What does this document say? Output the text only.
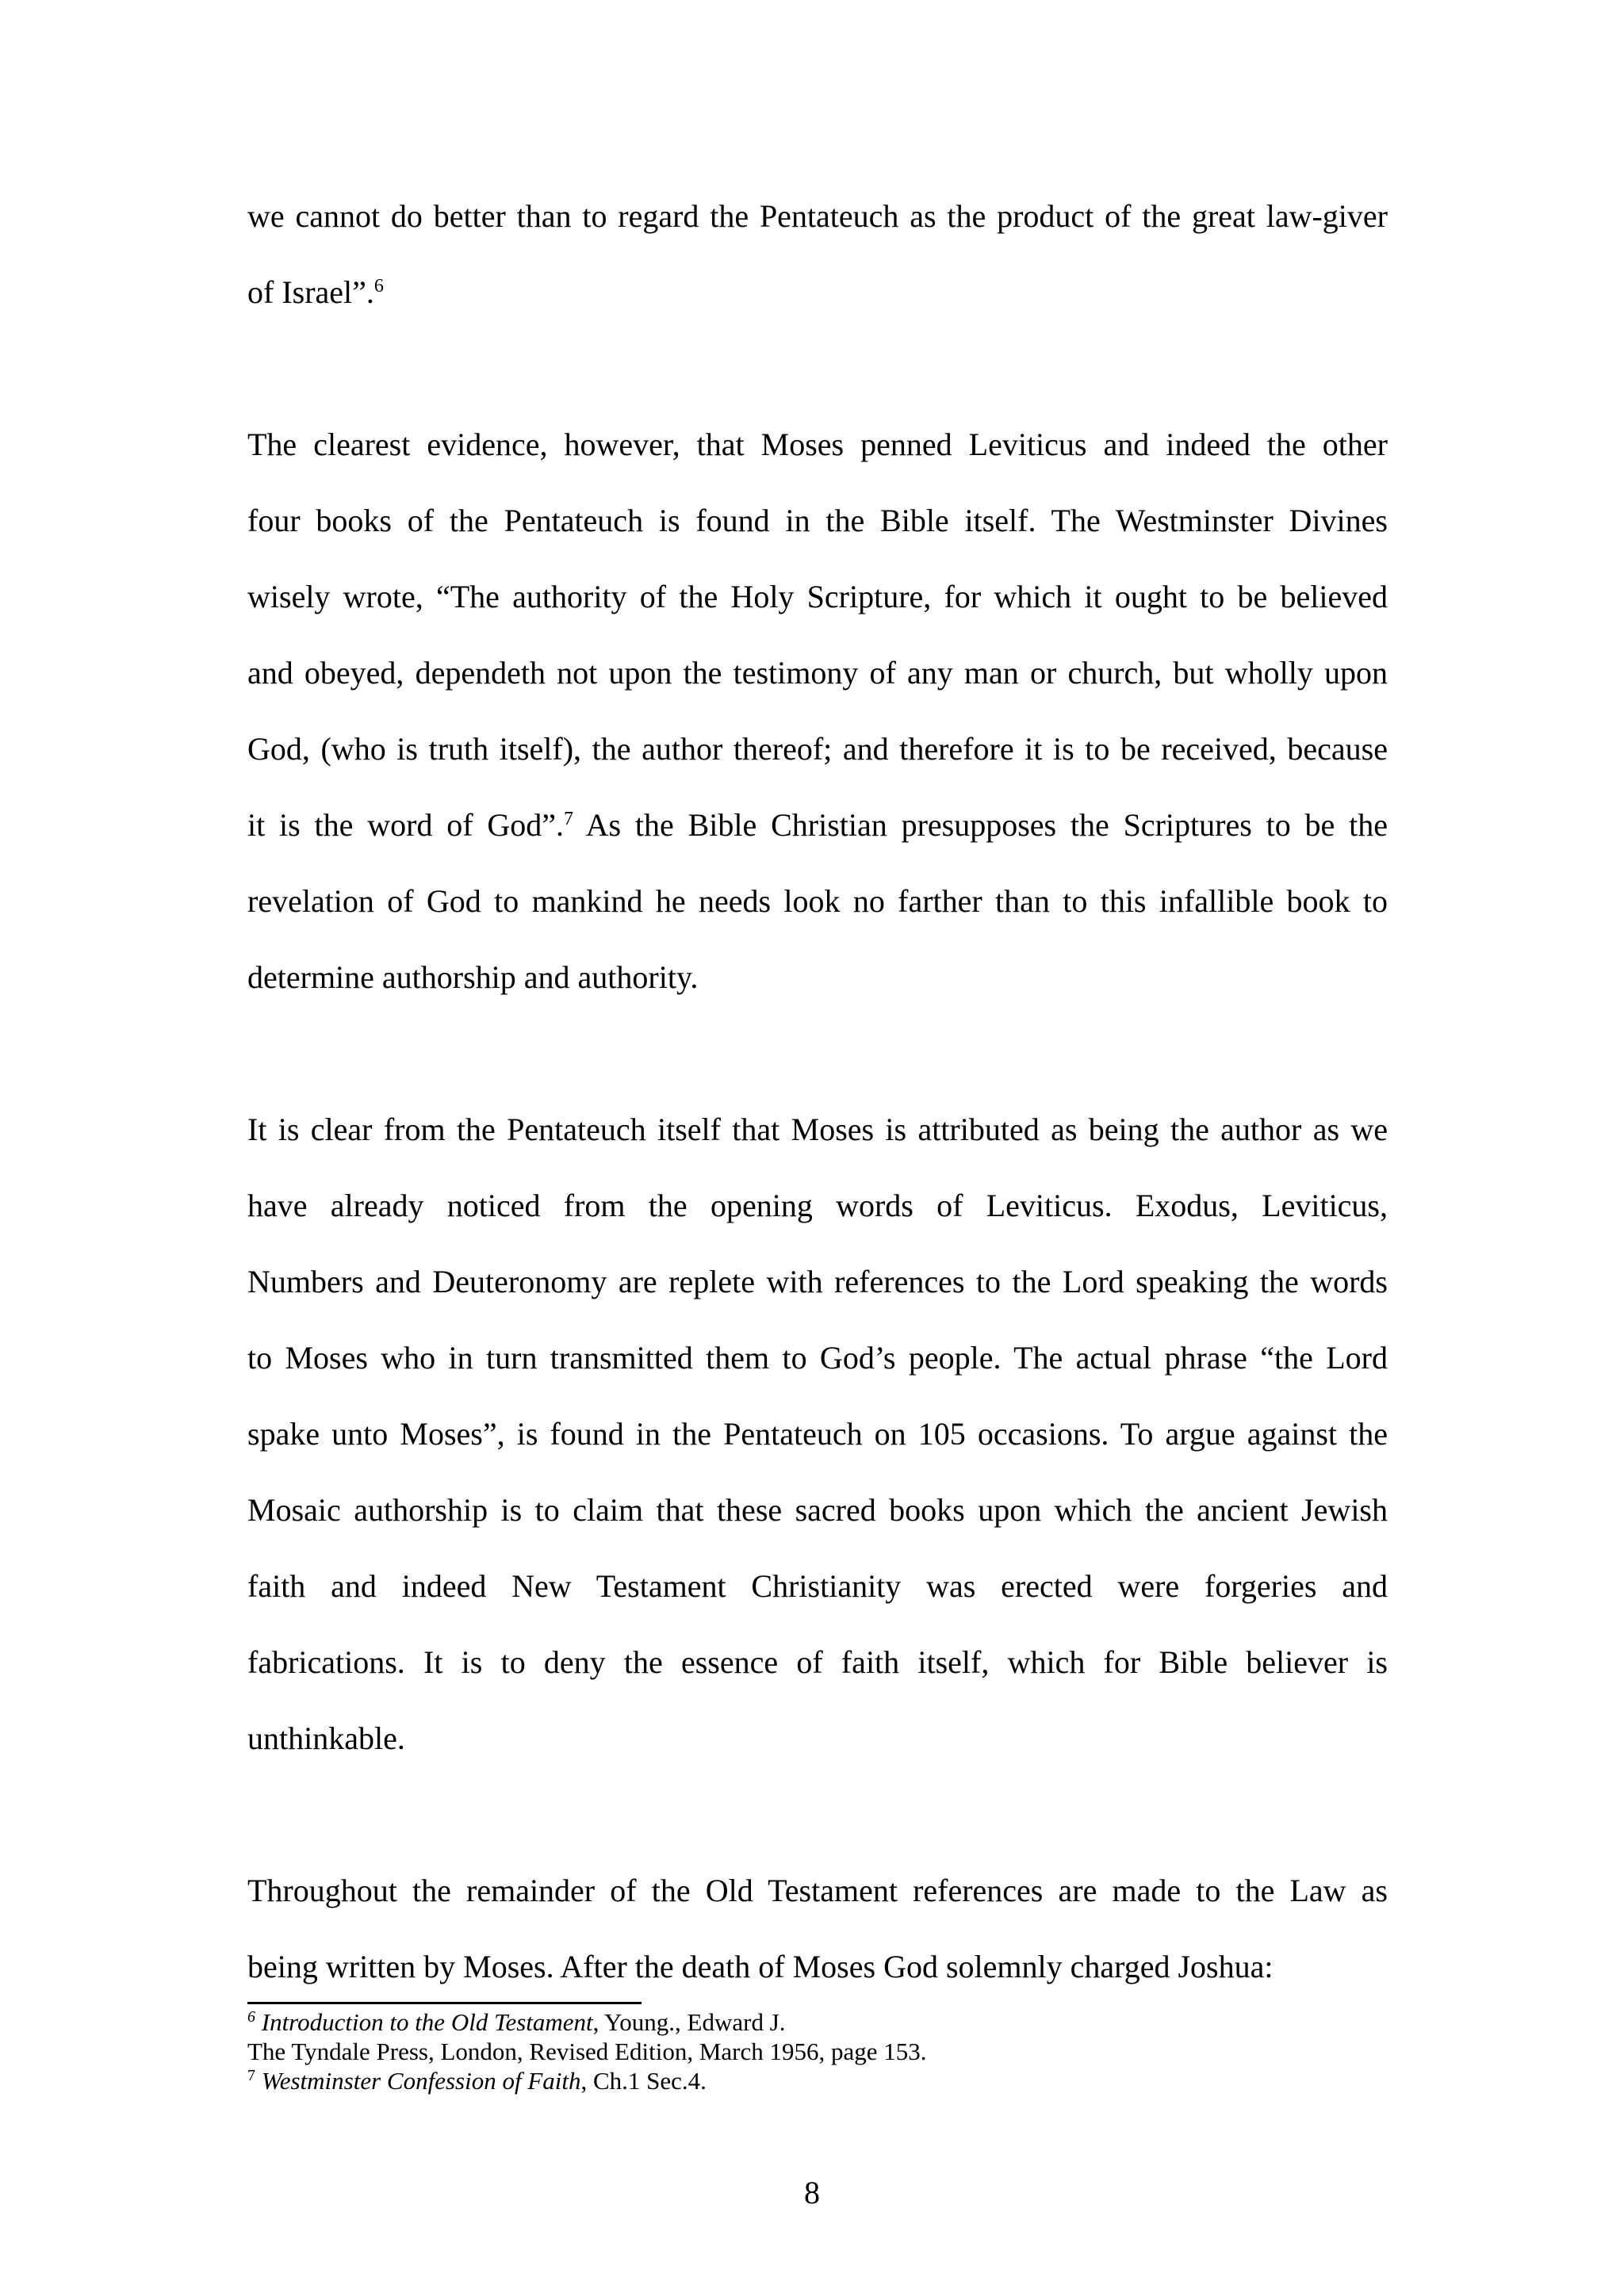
we cannot do better than to regard the Pentateuch as the product of the great law-giver
of Israel”.$^6$
The clearest evidence, however, that Moses penned Leviticus and indeed the other
four books of the Pentateuch is found in the Bible itself. The Westminster Divines
wisely wrote, “The authority of the Holy Scripture, for which it ought to be believed
and obeyed, dependeth not upon the testimony of any man or church, but wholly upon
God, (who is truth itself), the author thereof; and therefore it is to be received, because
it is the word of God”.$^7$ As the Bible Christian presupposes the Scriptures to be the
revelation of God to mankind he needs look no farther than to this infallible book to
determine authorship and authority.
It is clear from the Pentateuch itself that Moses is attributed as being the author as we
have already noticed from the opening words of Leviticus. Exodus, Leviticus,
Numbers and Deuteronomy are replete with references to the Lord speaking the words
to Moses who in turn transmitted them to God’s people. The actual phrase “the Lord
spake unto Moses”, is found in the Pentateuch on 105 occasions. To argue against the
Mosaic authorship is to claim that these sacred books upon which the ancient Jewish
faith and indeed New Testament Christianity was erected were forgeries and
fabrications. It is to deny the essence of faith itself, which for Bible believer is
unthinkable.
Throughout the remainder of the Old Testament references are made to the Law as
being written by Moses. After the death of Moses God solemnly charged Joshua:
$^6$ Introduction to the Old Testament, Young., Edward J.
The Tyndale Press, London, Revised Edition, March 1956, page 153.
$^7$ Westminster Confession of Faith, Ch.1 Sec.4.
8
